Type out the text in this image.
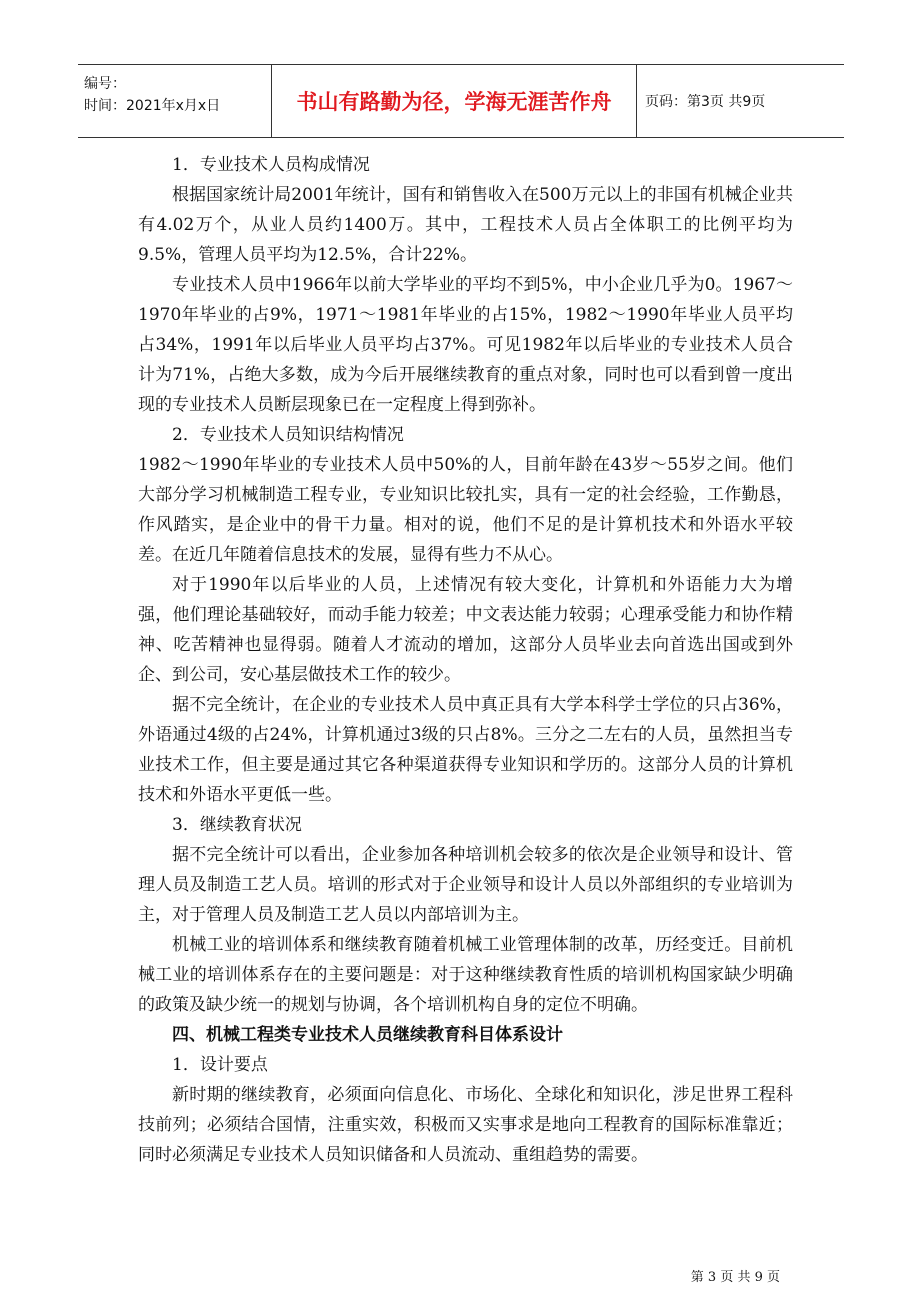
编号：
时间：2021年x月x日	书山有路勤为径，学海无涯苦作舟	页码：第3页 共9页

1．专业技术人员构成情况

根据国家统计局2001年统计，国有和销售收入在500万元以上的非国有机械企业共有4.02万个，从业人员约1400万。其中，工程技术人员占全体职工的比例平均为9.5%，管理人员平均为12.5%，合计22%。

专业技术人员中1966年以前大学毕业的平均不到5%，中小企业几乎为0。1967～1970年毕业的占9%，1971～1981年毕业的占15%，1982～1990年毕业人员平均占34%，1991年以后毕业人员平均占37%。可见1982年以后毕业的专业技术人员合计为71%，占绝大多数，成为今后开展继续教育的重点对象，同时也可以看到曾一度出现的专业技术人员断层现象已在一定程度上得到弥补。

2．专业技术人员知识结构情况

1982～1990年毕业的专业技术人员中50%的人，目前年龄在43岁～55岁之间。他们大部分学习机械制造工程专业，专业知识比较扎实，具有一定的社会经验，工作勤恳，作风踏实，是企业中的骨干力量。相对的说，他们不足的是计算机技术和外语水平较差。在近几年随着信息技术的发展，显得有些力不从心。

对于1990年以后毕业的人员，上述情况有较大变化，计算机和外语能力大为增强，他们理论基础较好，而动手能力较差；中文表达能力较弱；心理承受能力和协作精神、吃苦精神也显得弱。随着人才流动的增加，这部分人员毕业去向首选出国或到外企、到公司，安心基层做技术工作的较少。

据不完全统计，在企业的专业技术人员中真正具有大学本科学士学位的只占36%，外语通过4级的占24%，计算机通过3级的只占8%。三分之二左右的人员，虽然担当专业技术工作，但主要是通过其它各种渠道获得专业知识和学历的。这部分人员的计算机技术和外语水平更低一些。

3．继续教育状况

据不完全统计可以看出，企业参加各种培训机会较多的依次是企业领导和设计、管理人员及制造工艺人员。培训的形式对于企业领导和设计人员以外部组织的专业培训为主，对于管理人员及制造工艺人员以内部培训为主。

机械工业的培训体系和继续教育随着机械工业管理体制的改革，历经变迁。目前机械工业的培训体系存在的主要问题是：对于这种继续教育性质的培训机构国家缺少明确的政策及缺少统一的规划与协调，各个培训机构自身的定位不明确。

四、机械工程类专业技术人员继续教育科目体系设计

1．设计要点

新时期的继续教育，必须面向信息化、市场化、全球化和知识化，涉足世界工程科技前列；必须结合国情，注重实效，积极而又实事求是地向工程教育的国际标准靠近；同时必须满足专业技术人员知识储备和人员流动、重组趋势的需要。

第 3 页 共 9 页
